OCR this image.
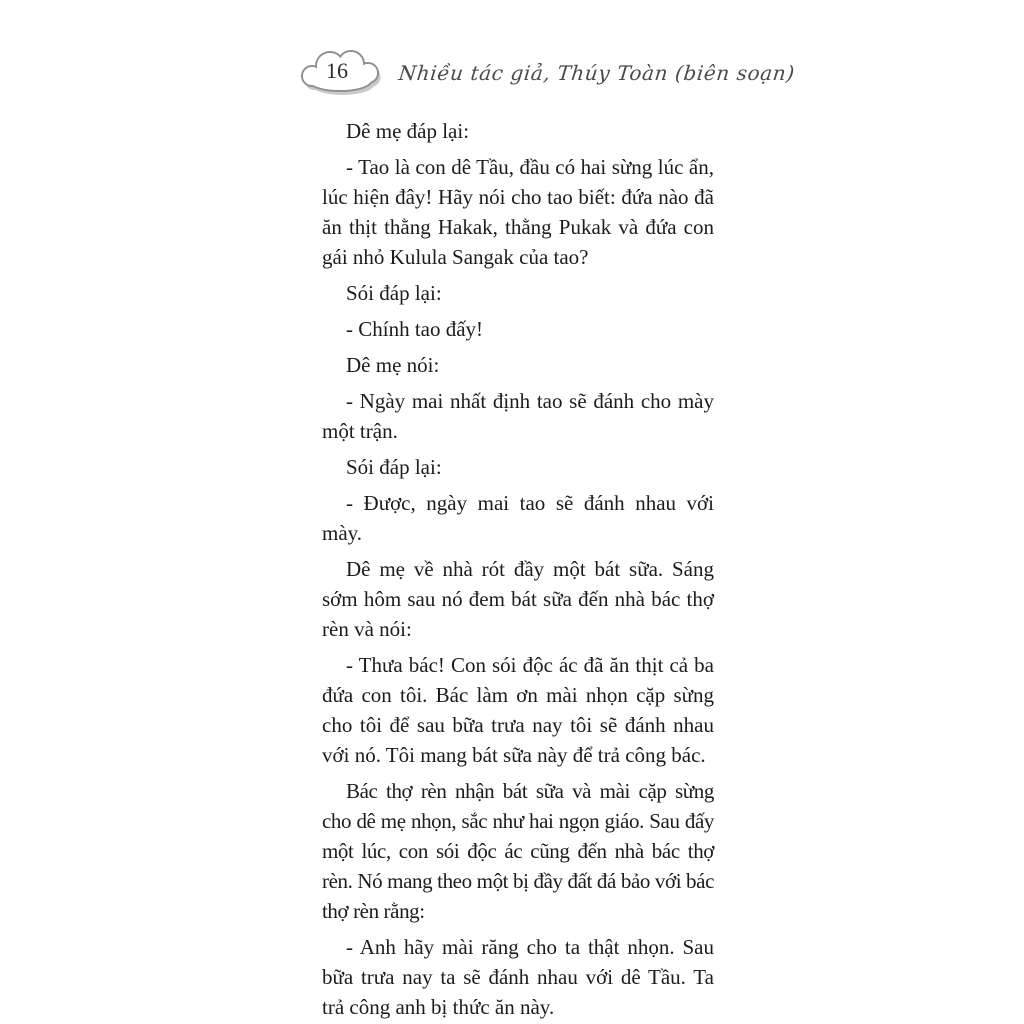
16	Nhiều tác giả, Thúy Toàn (biên soạn)

Dê mẹ đáp lại:

- Tao là con dê Tầu, đầu có hai sừng lúc ẩn, lúc hiện đây! Hãy nói cho tao biết: đứa nào đã ăn thịt thằng Hakak, thằng Pukak và đứa con gái nhỏ Kulula Sangak của tao?

Sói đáp lại:

- Chính tao đấy!

Dê mẹ nói:

- Ngày mai nhất định tao sẽ đánh cho mày một trận.

Sói đáp lại:

- Được, ngày mai tao sẽ đánh nhau với mày.

Dê mẹ về nhà rót đầy một bát sữa. Sáng sớm hôm sau nó đem bát sữa đến nhà bác thợ rèn và nói:

- Thưa bác! Con sói độc ác đã ăn thịt cả ba đứa con tôi. Bác làm ơn mài nhọn cặp sừng cho tôi để sau bữa trưa nay tôi sẽ đánh nhau với nó. Tôi mang bát sữa này để trả công bác.

Bác thợ rèn nhận bát sữa và mài cặp sừng cho dê mẹ nhọn, sắc như hai ngọn giáo. Sau đấy một lúc, con sói độc ác cũng đến nhà bác thợ rèn. Nó mang theo một bị đầy đất đá bảo với bác thợ rèn rằng:

- Anh hãy mài răng cho ta thật nhọn. Sau bữa trưa nay ta sẽ đánh nhau với dê Tầu. Ta trả công anh bị thức ăn này.
